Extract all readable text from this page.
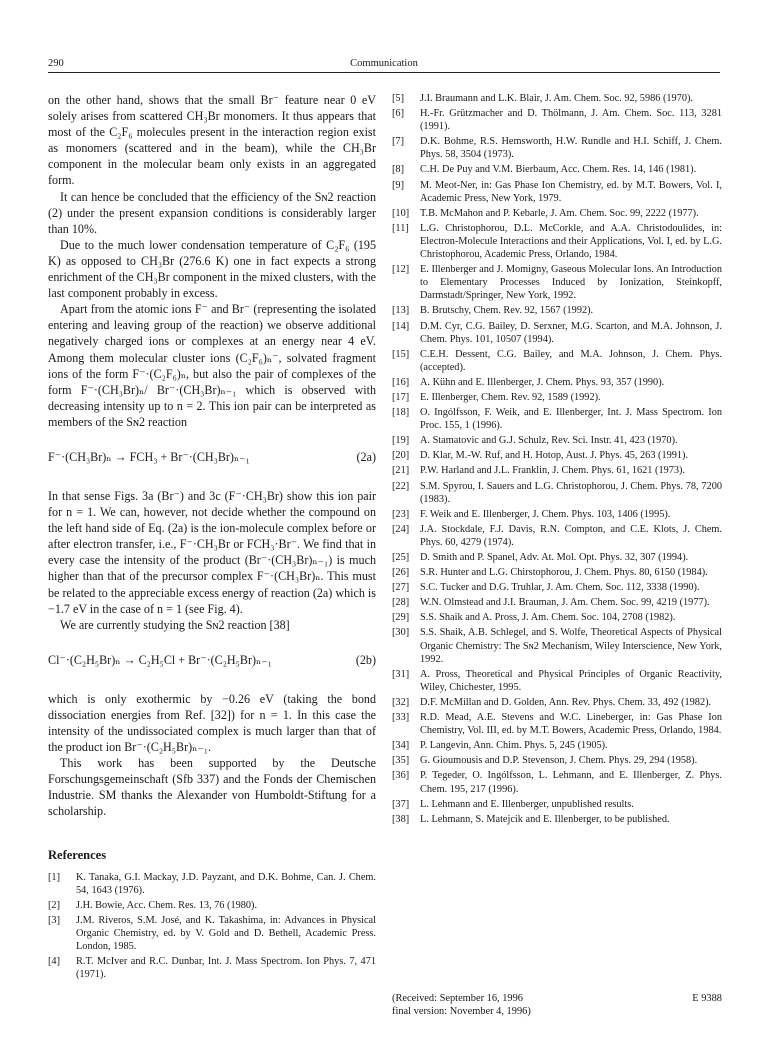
290	Communication

on the other hand, shows that the small Br⁻ feature near 0 eV solely arises from scattered CH₃Br monomers. It thus appears that most of the C₂F₆ molecules present in the interaction region exist as monomers (scattered and in the beam), while the CH₃Br component in the molecular beam only exists in an aggregated form.

It can hence be concluded that the efficiency of the Sɴ2 reaction (2) under the present expansion conditions is considerably larger than 10%.

Due to the much lower condensation temperature of C₂F₆ (195 K) as opposed to CH₃Br (276.6 K) one in fact expects a strong enrichment of the CH₃Br component in the mixed clusters, with the last component probably in excess.

Apart from the atomic ions F⁻ and Br⁻ (representing the isolated entering and leaving group of the reaction) we observe additional negatively charged ions or complexes at an energy near 4 eV. Among them molecular cluster ions (C₂F₆)ₙ⁻, solvated fragment ions of the form F⁻·(C₂F₆)ₙ, but also the pair of complexes of the form F⁻·(CH₃Br)ₙ/ Br⁻·(CH₃Br)ₙ₋₁ which is observed with decreasing intensity up to n = 2. This ion pair can be interpreted as members of the Sɴ2 reaction

F⁻·(CH₃Br)ₙ → FCH₃ + Br⁻·(CH₃Br)ₙ₋₁	(2a)

In that sense Figs. 3a (Br⁻) and 3c (F⁻·CH₃Br) show this ion pair for n = 1. We can, however, not decide whether the compound on the left hand side of Eq. (2a) is the ion-molecule complex before or after electron transfer, i.e., F⁻·CH₃Br or FCH₃·Br⁻. We find that in every case the intensity of the product (Br⁻·(CH₃Br)ₙ₋₁) is much higher than that of the precursor complex F⁻·(CH₃Br)ₙ. This must be related to the appreciable excess energy of reaction (2a) which is −1.7 eV in the case of n = 1 (see Fig. 4).

We are currently studying the Sɴ2 reaction [38]

Cl⁻·(C₂H₅Br)ₙ → C₂H₅Cl + Br⁻·(C₂H₅Br)ₙ₋₁	(2b)

which is only exothermic by −0.26 eV (taking the bond dissociation energies from Ref. [32]) for n = 1. In this case the intensity of the undissociated complex is much larger than that of the product ion Br⁻·(C₂H₅Br)ₙ₋₁.

This work has been supported by the Deutsche Forschungsgemeinschaft (Sfb 337) and the Fonds der Chemischen Industrie. SM thanks the Alexander von Humboldt-Stiftung for a scholarship.

References
[1] K. Tanaka, G.I. Mackay, J.D. Payzant, and D.K. Bohme, Can. J. Chem. 54, 1643 (1976).
[2] J.H. Bowie, Acc. Chem. Res. 13, 76 (1980).
[3] J.M. Riveros, S.M. José, and K. Takashima, in: Advances in Physical Organic Chemistry, ed. by V. Gold and D. Bethell, Academic Press. London, 1985.
[4] R.T. McIver and R.C. Dunbar, Int. J. Mass Spectrom. Ion Phys. 7, 471 (1971).
[5] J.I. Braumann and L.K. Blair, J. Am. Chem. Soc. 92, 5986 (1970).
[6] H.-Fr. Grützmacher and D. Thölmann, J. Am. Chem. Soc. 113, 3281 (1991).
[7] D.K. Bohme, R.S. Hemsworth, H.W. Rundle and H.I. Schiff, J. Chem. Phys. 58, 3504 (1973).
[8] C.H. De Puy and V.M. Bierbaum, Acc. Chem. Res. 14, 146 (1981).
[9] M. Meot-Ner, in: Gas Phase Ion Chemistry, ed. by M.T. Bowers, Vol. I, Academic Press, New York, 1979.
[10] T.B. McMahon and P. Kebarle, J. Am. Chem. Soc. 99, 2222 (1977).
[11] L.G. Christophorou, D.L. McCorkle, and A.A. Christodoulides, in: Electron-Molecule Interactions and their Applications, Vol. I, ed. by L.G. Christophorou, Academic Press, Orlando, 1984.
[12] E. Illenberger and J. Momigny, Gaseous Molecular Ions. An Introduction to Elementary Processes Induced by Ionization, Steinkopff, Darmstadt/Springer, New York, 1992.
[13] B. Brutschy, Chem. Rev. 92, 1567 (1992).
[14] D.M. Cyr, C.G. Bailey, D. Serxner, M.G. Scarton, and M.A. Johnson, J. Chem. Phys. 101, 10507 (1994).
[15] C.E.H. Dessent, C.G. Bailey, and M.A. Johnson, J. Chem. Phys. (accepted).
[16] A. Kühn and E. Illenberger, J. Chem. Phys. 93, 357 (1990).
[17] E. Illenberger, Chem. Rev. 92, 1589 (1992).
[18] O. Ingólfsson, F. Weik, and E. Illenberger, Int. J. Mass Spectrom. Ion Proc. 155, 1 (1996).
[19] A. Stamatovic and G.J. Schulz, Rev. Sci. Instr. 41, 423 (1970).
[20] D. Klar, M.-W. Ruf, and H. Hotop, Aust. J. Phys. 45, 263 (1991).
[21] P.W. Harland and J.L. Franklin, J. Chem. Phys. 61, 1621 (1973).
[22] S.M. Spyrou, I. Sauers and L.G. Christophorou, J. Chem. Phys. 78, 7200 (1983).
[23] F. Weik and E. Illenberger, J. Chem. Phys. 103, 1406 (1995).
[24] J.A. Stockdale, F.J. Davis, R.N. Compton, and C.E. Klots, J. Chem. Phys. 60, 4279 (1974).
[25] D. Smith and P. Spanel, Adv. At. Mol. Opt. Phys. 32, 307 (1994).
[26] S.R. Hunter and L.G. Chirstophorou, J. Chem. Phys. 80, 6150 (1984).
[27] S.C. Tucker and D.G. Truhlar, J. Am. Chem. Soc. 112, 3338 (1990).
[28] W.N. Olmstead and J.I. Brauman, J. Am. Chem. Soc. 99, 4219 (1977).
[29] S.S. Shaik and A. Pross, J. Am. Chem. Soc. 104, 2708 (1982).
[30] S.S. Shaik, A.B. Schlegel, and S. Wolfe, Theoretical Aspects of Physical Organic Chemistry: The Sɴ2 Mechanism, Wiley Interscience, New York, 1992.
[31] A. Pross, Theoretical and Physical Principles of Organic Reactivity, Wiley, Chichester, 1995.
[32] D.F. McMillan and D. Golden, Ann. Rev. Phys. Chem. 33, 492 (1982).
[33] R.D. Mead, A.E. Stevens and W.C. Lineberger, in: Gas Phase Ion Chemistry, Vol. III, ed. by M.T. Bowers, Academic Press, Orlando, 1984.
[34] P. Langevin, Ann. Chim. Phys. 5, 245 (1905).
[35] G. Gioumousis and D.P. Stevenson, J. Chem. Phys. 29, 294 (1958).
[36] P. Tegeder, O. Ingólfsson, L. Lehmann, and E. Illenberger, Z. Phys. Chem. 195, 217 (1996).
[37] L. Lehmann and E. Illenberger, unpublished results.
[38] L. Lehmann, S. Matejcik and E. Illenberger, to be published.
(Received: September 16, 1996
final version: November 4, 1996)
E 9388
